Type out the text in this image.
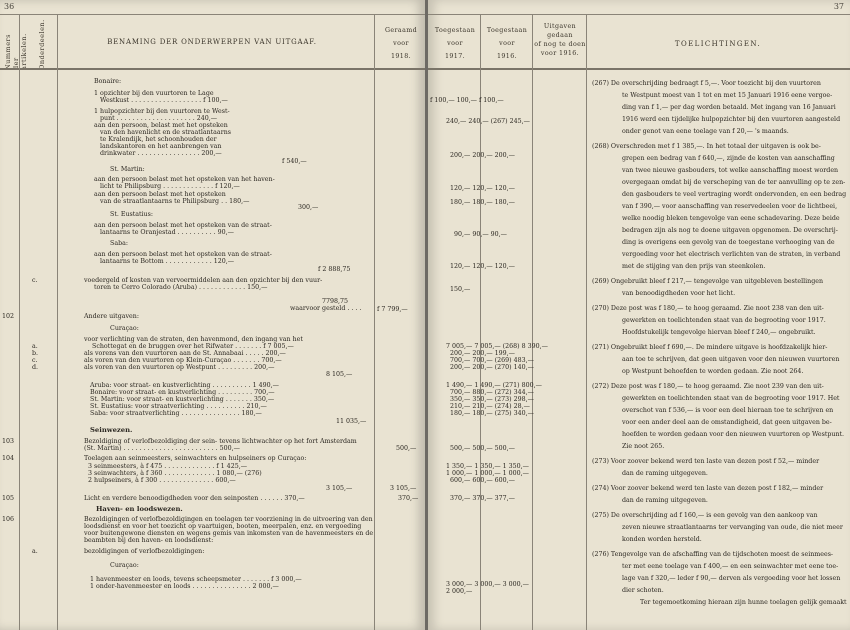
36
Nummers der artikelen. Onderdeelen.	BENAMING DER ONDERWERPEN VAN UITGAAF.
Geraamd
voor
1918.
Bonaire:
1 opzichter bij den vuurtoren te Lage
Westkust . . . . . . . . . . . . . . . . . . f 100,—
1 hulpopzichter bij den vuurtoren te West-
punt . . . . . . . . . . . . . . . . . . . . 240,—
aan den persoon, belast met het opsteken
van den havenlicht en de straatlantaarns
te Kralendijk, het schoonhouden der
landskantoren en het aanbrengen van
drinkwater . . . . . . . . . . . . . . . . 200,—
f 540,—
St. Martin:
aan den persoon belast met het opsteken van het haven-
licht te Philipsburg . . . . . . . . . . . . . f 120,—
aan den persoon belast met het opsteken
van de straatlantaarns te Philipsburg . . 180,—
300,—
St. Eustatius:
aan den persoon belast met het opsteken van de straat-
lantaarns te Oranjestad . . . . . . . . . . 90,—
Saba:
aan den persoon belast met het opsteken van de straat-
lantaarns te Bottom . . . . . . . . . . . . 120,—
f 2 888,75
voedergeld of kosten van vervoermiddelen aan den opzichter bij den vuur-
toren te Cerro Colorado (Aruba) . . . . . . . . . . . . 150,—
7798,75
waarvoor gesteld . . . . f 7 799,—
Andere uitgaven:
Curaçao:
voor verlichting van de straten, den havenmond, den ingang van het
Schottegat en de bruggen over het Rifwater . . . . . . . f 7 005,—
als vorens van den vuurtoren aan de St. Annabaai . . . . . 200,—
als voren van den vuurtoren op Klein-Curaçao . . . . . . . 700,—
als voren van den vuurtoren op Westpunt . . . . . . . . . 200,—
8 105,—
Aruba: voor straat- en kustverlichting . . . . . . . . . . 1 490,—
Bonaire: voor straat- en kustverlichting . . . . . . . . . 700,—
St. Martin: voor straat- en kustverlichting . . . . . . . 350,—
St. Eustatius: voor straatverlichting . . . . . . . . . . 210,—
Saba: voor straatverlichting . . . . . . . . . . . . . . . 180,—
11 035,—
Seinwezen.
Bezoldiging of verlofbezoldiging der sein- tevens lichtwachter op het fort Amsterdam
(St. Martin) . . . . . . . . . . . . . . . . . . . . . . . . 500,—
Toelagen aan seinmeesters, seinwachters en hulpseiners op Curaçao:
3 seinmeesters, à f 475 . . . . . . . . . . . . . f 1 425,—
3 seinwachters, à f 360 . . . . . . . . . . . . . 1 080,— (276)
2 hulpseiners, à f 300 . . . . . . . . . . . . . . 600,—
3 105,—
Licht en verdere benoodigdheden voor den seinposten . . . . . . 370,—
Haven- en loodswezen.
Bezoldigingen of verlofbezoldigingen en toelagen ter voorziening in de uitvoering van den
loodsdienst en voor het toezicht op vaartuigen, booten, meerpalen, enz. en vergoeding
voor buitengewone diensten en wegens gemis van inkomsten van de havenmeesters en de
beambten bij den haven- en loodsdienst:
bezoldigingen of verlofbezoldigingen:
Curaçao:
1 havenmeester en loods, tevens scheepsmeter . . . . . . . f 3 000,—
1 onder-havenmeester en loods . . . . . . . . . . . . . . . 2 000,—
102
103
104
105
106
c.
a.
b.
c.
d.
a.
500,—
3 105,—
370,—
37
Toegestaan
voor
1917.
Toegestaan
voor
1916.
Uitgaven
gedaan
of nog te doen
voor 1916.
TOELICHTINGEN.
f 100,— 100,— f 100,—
240,— 240,— (267) 245,—
200,— 200,— 200,—
120,— 120,— 120,—
180,— 180,— 180,—
90,— 90,— 90,—
120,— 120,— 120,—
150,—
7 005,— 7 005,— (268) 8 390,—
200,— 200,— 199,—
700,— 700,— (269) 483,—
200,— 200,— (270) 140,—
1 490,— 1 490,— (271) 800,—
700,— 880,— (272) 344,—
350,— 350,— (273) 298,—
210,— 210,— (274) 28,—
180,— 180,— (275) 340,—
500,— 500,— 500,—
1 350,— 1 350,— 1 350,—
1 000,— 1 000,— 1 000,—
600,— 600,— 600,—
370,— 370,— 377,—
3 000,— 3 000,— 3 000,—
2 000,—
(267) De overschrijding bedraagt f 5,—. Voor toezicht bij den vuurtoren
te Westpunt moest van 1 tot en met 15 Januari 1916 eene vergoe-
ding van f 1,— per dag worden betaald. Met ingang van 16 Januari
1916 werd een tijdelijke hulpopzichter bij den vuurtoren aangesteld
onder genot van eene toelage van f 20,— 's maands.
(268) Overschreden met f 1 385,—. In het totaal der uitgaven is ook be-
grepen een bedrag van f 640,—, zijnde de kosten van aanschaffing
van twee nieuwe gasbouders, tot welke aanschaffing moest worden
overgegaan omdat bij de verscheping van de ter aanvulling op te zen-
den gasbouders te veel vertraging wordt ondervonden, en een bedrag
van f 390,— voor aanschaffing van reservedeelen voor de lichtbeei,
welke noodig bleken tengevolge van eene schadevaring. Deze beide
bedragen zijn als nog te doene uitgaven opgenomen. De overschrij-
ding is overigens een gevolg van de toegestane verhooging van de
vergoeding voor het electrisch verlichten van de straten, in verband
met de stijging van den prijs van steenkolen.
(269) Ongebruikt bleef f 217,— tengevolge van uitgebleven bestellingen
van benoodigdheden voor het licht.
(270) Deze post was f 180,— te hoog geraamd. Zie noot 238 van den uit-
gewerkten en toelichtenden staat van de begrooting voor 1917.
Hoofdstukelijk tengevolge hiervan bleef f 240,— ongebruikt.
(271) Ongebruikt bleef f 690,—. De mindere uitgave is hoofdzakelijk hier-
aan toe te schrijven, dat geen uitgaven voor den nieuwen vuurtoren
op Westpunt behoefden te worden gedaan. Zie noot 264.
(272) Deze post was f 180,— te hoog geraamd. Zie noot 239 van den uit-
gewerkten en toelichtenden staat van de begrooting voor 1917. Het
overschot van f 536,— is voor een deel hieraan toe te schrijven en
voor een ander deel aan de omstandigheid, dat geen uitgaven be-
hoefden te worden gedaan voor den nieuwen vuurtoren op Westpunt.
Zie noot 265.
(273) Voor zoover bekend werd ten laste van dezen post f 52,— minder
dan de raming uitgegeven.
(274) Voor zoover bekend werd ten laste van dezen post f 182,— minder
dan de raming uitgegeven.
(275) De overschrijding ad f 160,— is een gevolg van den aankoop van
zeven nieuwe straatlantaarns ter vervanging van oude, die niet meer
konden worden hersteld.
(276) Tengevolge van de afschaffing van de tijdschoten moest de seinmees-
ter met eene toelage van f 400,— en een seinwachter met eene toe-
lage van f 320,— leder f 90,— derven als vergoeding voor het lossen
dier schoten.
Ter tegemoetkoming hieraan zijn hunne toelagen gelijk gemaakt
